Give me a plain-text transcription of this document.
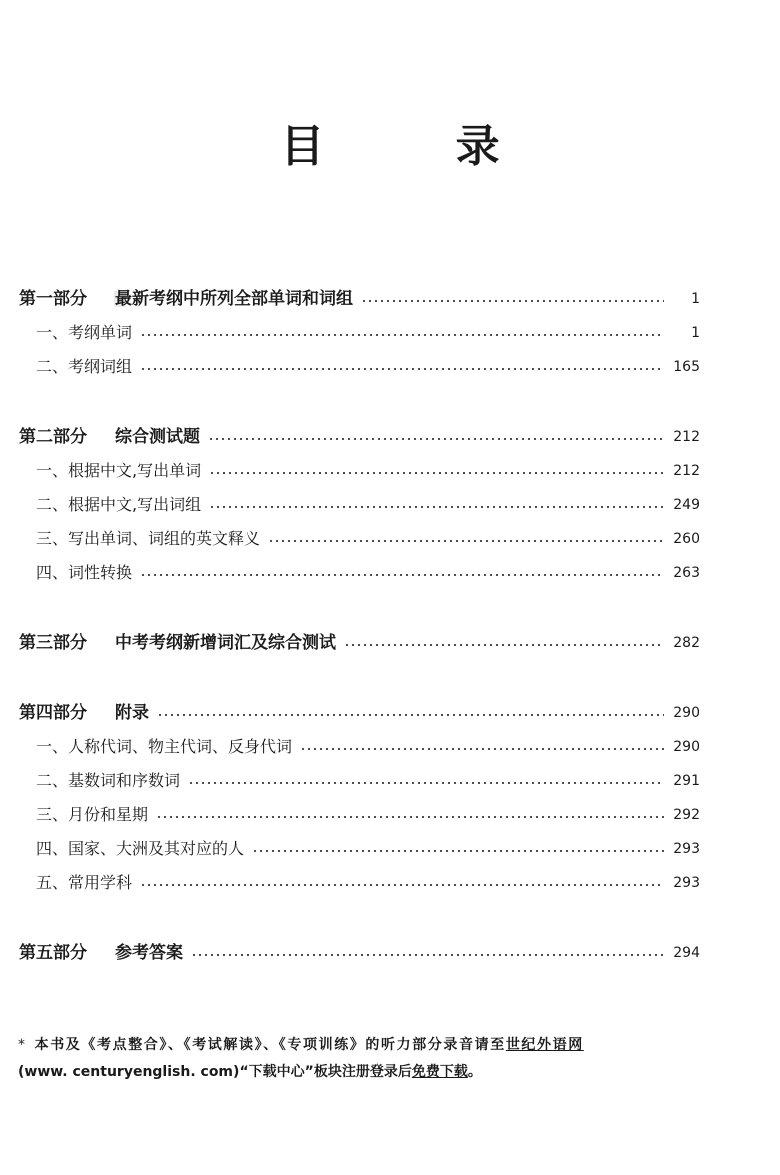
目 录
第一部分 最新考纲中所列全部单词和词组	1
一、考纲单词	1
二、考纲词组	165
第二部分 综合测试题	212
一、根据中文,写出单词	212
二、根据中文,写出词组	249
三、写出单词、词组的英文释义	260
四、词性转换	263
第三部分 中考考纲新增词汇及综合测试	282
第四部分 附录	290
一、人称代词、物主代词、反身代词	290
二、基数词和序数词	291
三、月份和星期	292
四、国家、大洲及其对应的人	293
五、常用学科	293
第五部分 参考答案	294
* 本书及《考点整合》、《考试解读》、《专项训练》的听力部分录音请至世纪外语网
(www. centuryenglish. com)“下载中心”板块注册登录后免费下载。
